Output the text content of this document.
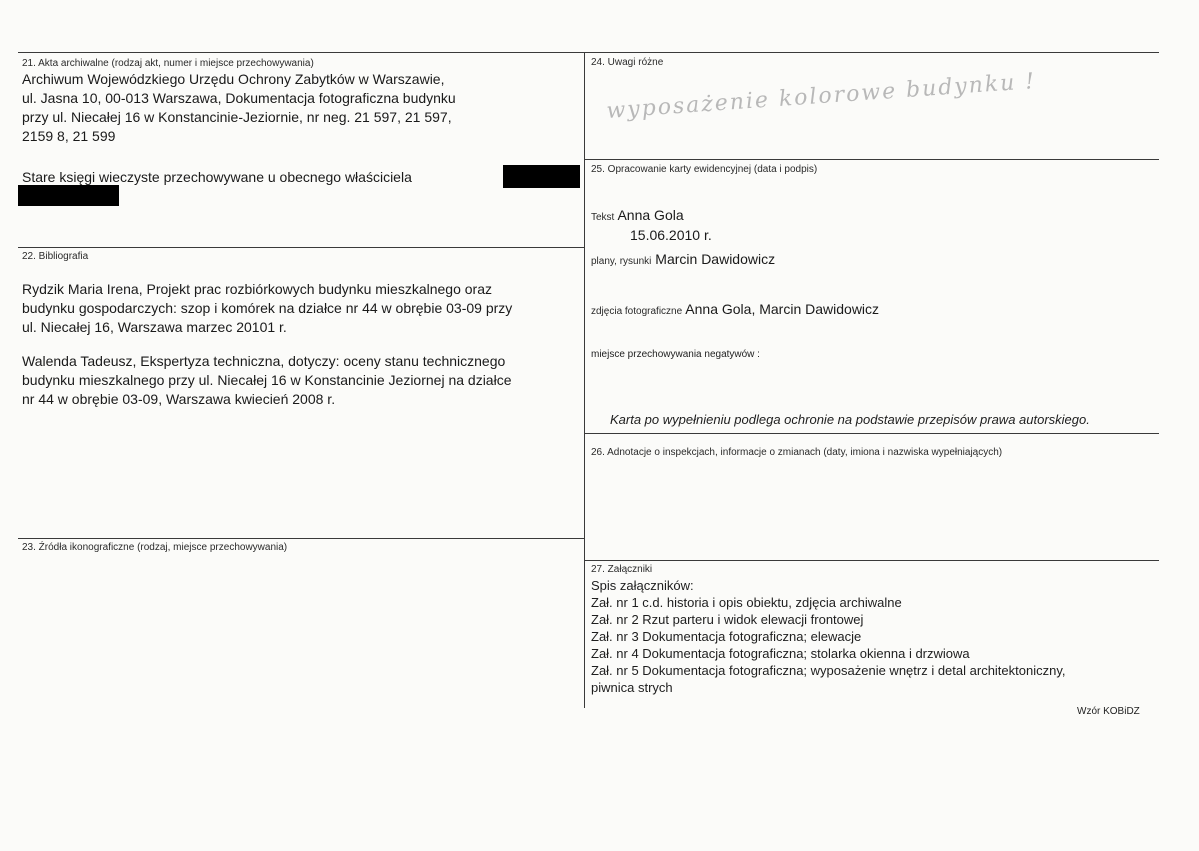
21. Akta archiwalne (rodzaj akt, numer i miejsce przechowywania)
Archiwum Wojewódzkiego Urzędu Ochrony Zabytków w Warszawie,
ul. Jasna 10, 00-013 Warszawa, Dokumentacja fotograficzna budynku
przy ul. Niecałej 16 w Konstancinie-Jeziornie, nr neg. 21 597, 21 597,
2159 8, 21 599
Stare księgi wieczyste przechowywane u obecnego właściciela
22. Bibliografia
Rydzik Maria Irena, Projekt prac rozbiórkowych budynku mieszkalnego oraz
budynku gospodarczych: szop i komórek na działce nr 44 w obrębie 03-09 przy
ul. Niecałej 16, Warszawa marzec 20101 r.
Walenda Tadeusz, Ekspertyza techniczna, dotyczy: oceny stanu technicznego
budynku mieszkalnego przy ul. Niecałej 16 w Konstancinie Jeziornej na działce
nr 44 w obrębie 03-09, Warszawa kwiecień 2008 r.
23. Źródła ikonograficzne (rodzaj, miejsce przechowywania)
24. Uwagi różne
wyposażenie kolorowe budynku !
25. Opracowanie karty ewidencyjnej (data i podpis)
Tekst Anna Gola
15.06.2010 r.
plany, rysunki Marcin Dawidowicz
zdjęcia fotograficzne Anna Gola, Marcin Dawidowicz
miejsce przechowywania negatywów :
Karta po wypełnieniu podlega ochronie na podstawie przepisów prawa autorskiego.
26. Adnotacje o inspekcjach, informacje o zmianach (daty, imiona i nazwiska wypełniających)
27. Załączniki
Spis załączników:
Zał. nr 1 c.d. historia i opis obiektu, zdjęcia archiwalne
Zał. nr 2 Rzut parteru i widok elewacji frontowej
Zał. nr 3 Dokumentacja fotograficzna; elewacje
Zał. nr 4 Dokumentacja fotograficzna; stolarka okienna i drzwiowa
Zał. nr 5 Dokumentacja fotograficzna; wyposażenie wnętrz i detal architektoniczny,
piwnica strych
Wzór KOBiDZ
